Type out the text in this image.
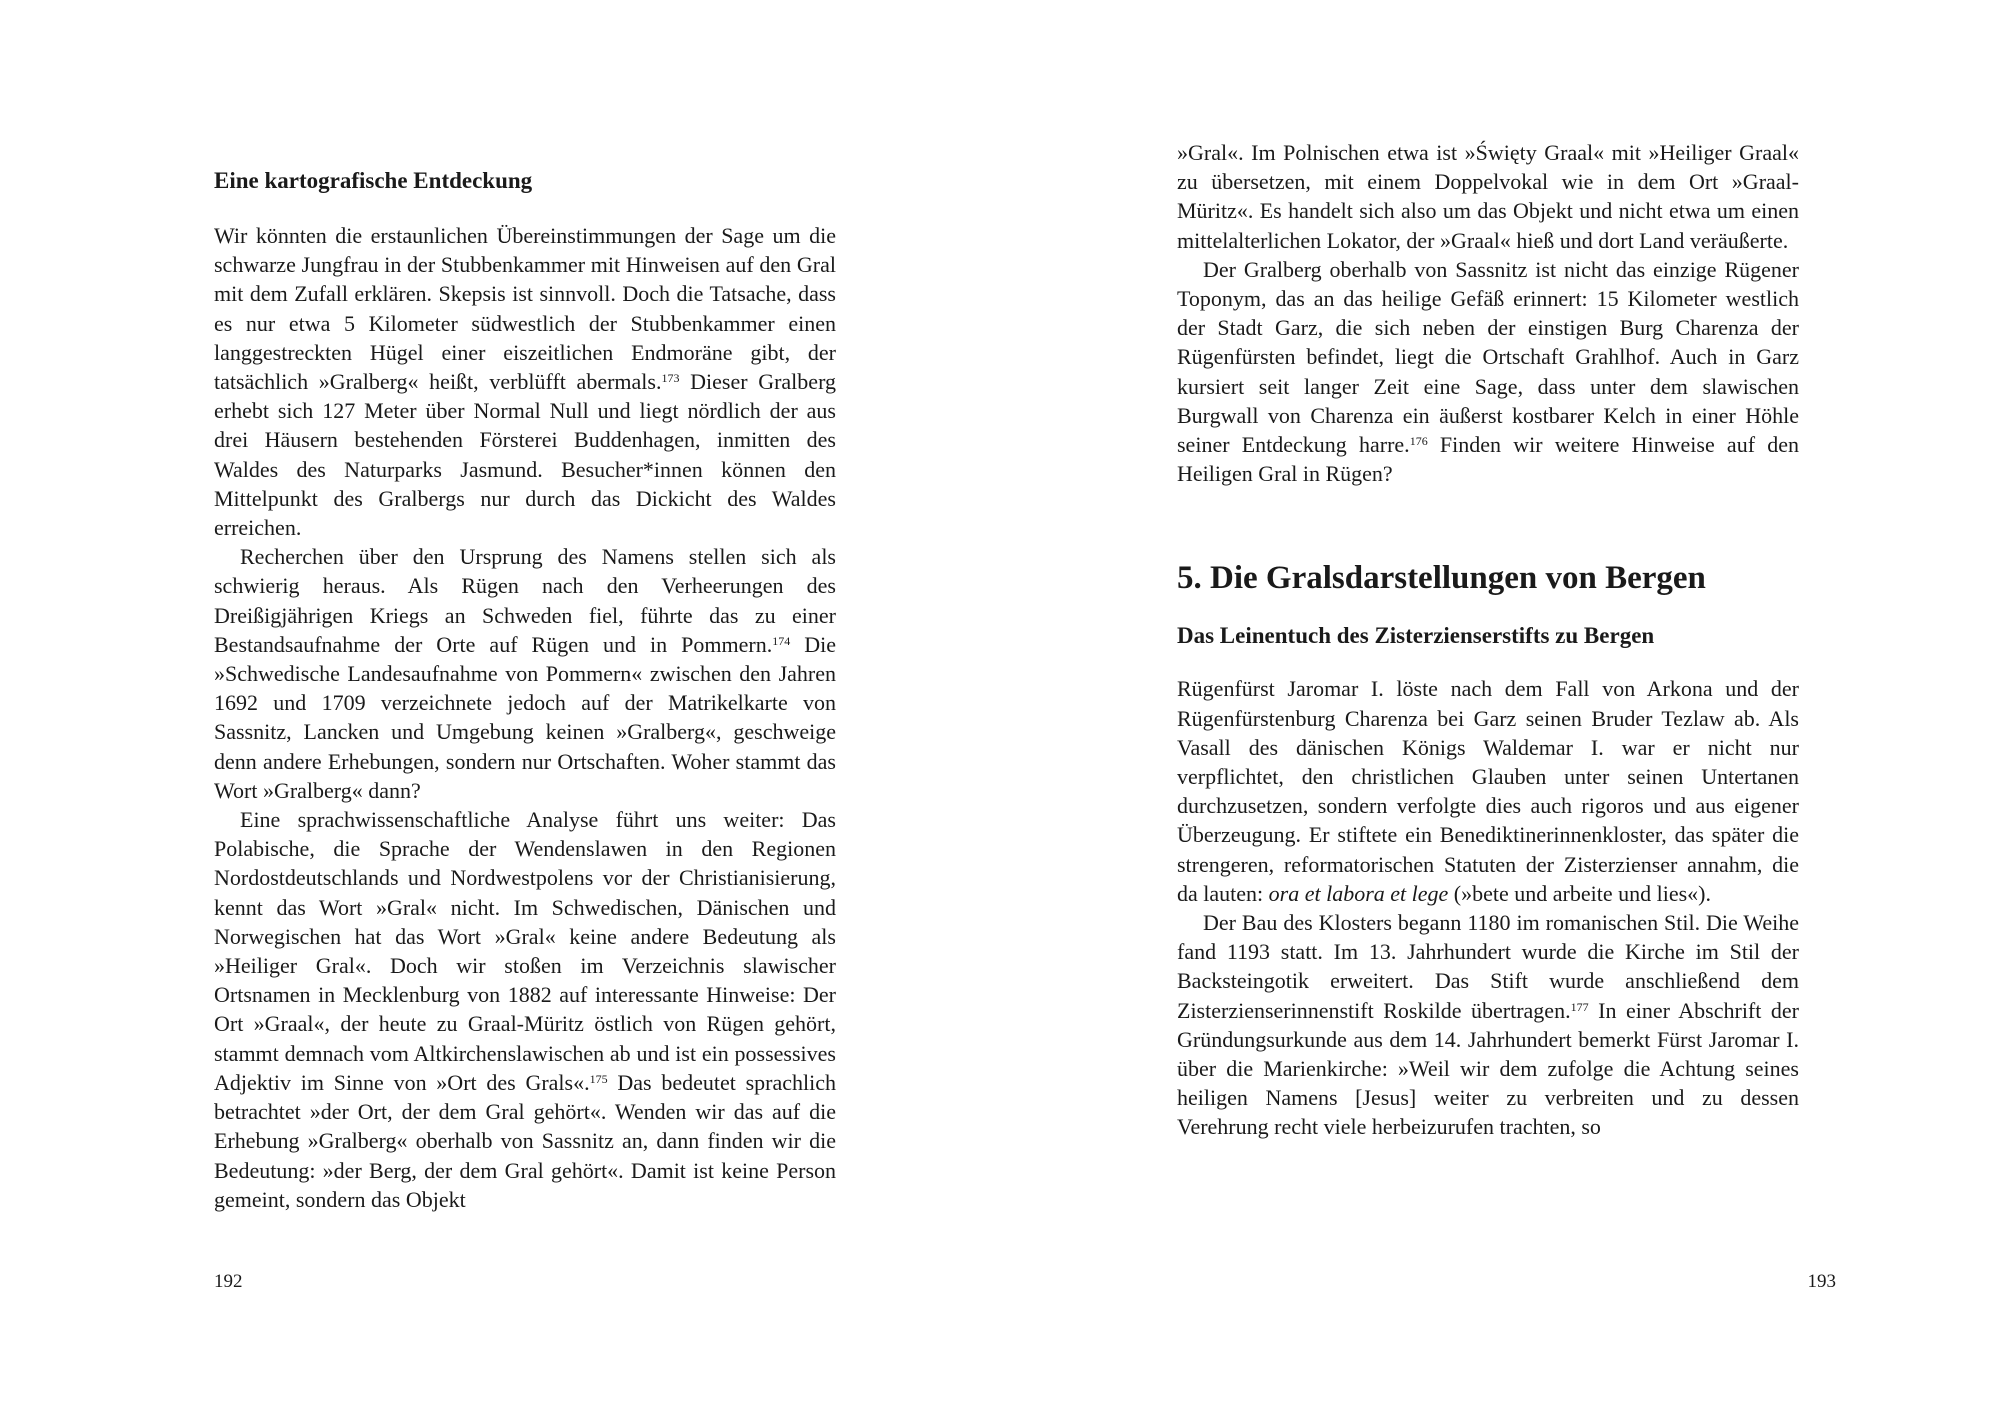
Eine kartografische Entdeckung

Wir könnten die erstaunlichen Übereinstimmungen der Sage um die schwarze Jungfrau in der Stubbenkammer mit Hinweisen auf den Gral mit dem Zufall erklären. Skepsis ist sinnvoll. Doch die Tatsache, dass es nur etwa 5 Kilometer südwestlich der Stubbenkammer einen langgestreckten Hügel einer eiszeitlichen Endmoräne gibt, der tatsächlich »Gralberg« heißt, verblüfft abermals.$^{173}$ Dieser Gralberg erhebt sich 127 Meter über Normal Null und liegt nördlich der aus drei Häusern bestehenden Försterei Buddenhagen, inmitten des Waldes des Naturparks Jasmund. Besucher*innen können den Mittelpunkt des Gralbergs nur durch das Dickicht des Waldes erreichen.

Recherchen über den Ursprung des Namens stellen sich als schwierig heraus. Als Rügen nach den Verheerungen des Dreißigjährigen Kriegs an Schweden fiel, führte das zu einer Bestandsaufnahme der Orte auf Rügen und in Pommern.$^{174}$ Die »Schwedische Landesaufnahme von Pommern« zwischen den Jahren 1692 und 1709 verzeichnete jedoch auf der Matrikelkarte von Sassnitz, Lancken und Umgebung keinen »Gralberg«, geschweige denn andere Erhebungen, sondern nur Ortschaften. Woher stammt das Wort »Gralberg« dann?

Eine sprachwissenschaftliche Analyse führt uns weiter: Das Polabische, die Sprache der Wendenslawen in den Regionen Nordostdeutschlands und Nordwestpolens vor der Christianisierung, kennt das Wort »Gral« nicht. Im Schwedischen, Dänischen und Norwegischen hat das Wort »Gral« keine andere Bedeutung als »Heiliger Gral«. Doch wir stoßen im Verzeichnis slawischer Ortsnamen in Mecklenburg von 1882 auf interessante Hinweise: Der Ort »Graal«, der heute zu Graal-Müritz östlich von Rügen gehört, stammt demnach vom Altkirchenslawischen ab und ist ein possessives Adjektiv im Sinne von »Ort des Grals«.$^{175}$ Das bedeutet sprachlich betrachtet »der Ort, der dem Gral gehört«. Wenden wir das auf die Erhebung »Gralberg« oberhalb von Sassnitz an, dann finden wir die Bedeutung: »der Berg, der dem Gral gehört«. Damit ist keine Person gemeint, sondern das Objekt

192

»Gral«. Im Polnischen etwa ist »Święty Graal« mit »Heiliger Graal« zu übersetzen, mit einem Doppelvokal wie in dem Ort »Graal-Müritz«. Es handelt sich also um das Objekt und nicht etwa um einen mittelalterlichen Lokator, der »Graal« hieß und dort Land veräußerte.

Der Gralberg oberhalb von Sassnitz ist nicht das einzige Rügener Toponym, das an das heilige Gefäß erinnert: 15 Kilometer westlich der Stadt Garz, die sich neben der einstigen Burg Charenza der Rügenfürsten befindet, liegt die Ortschaft Grahlhof. Auch in Garz kursiert seit langer Zeit eine Sage, dass unter dem slawischen Burgwall von Charenza ein äußerst kostbarer Kelch in einer Höhle seiner Entdeckung harre.$^{176}$ Finden wir weitere Hinweise auf den Heiligen Gral in Rügen?

5. Die Gralsdarstellungen von Bergen
Das Leinentuch des Zisterzienserstifts zu Bergen

Rügenfürst Jaromar I. löste nach dem Fall von Arkona und der Rügenfürstenburg Charenza bei Garz seinen Bruder Tezlaw ab. Als Vasall des dänischen Königs Waldemar I. war er nicht nur verpflichtet, den christlichen Glauben unter seinen Untertanen durchzusetzen, sondern verfolgte dies auch rigoros und aus eigener Überzeugung. Er stiftete ein Benediktinerinnenkloster, das später die strengeren, reformatorischen Statuten der Zisterzienser annahm, die da lauten: ora et labora et lege (»bete und arbeite und lies«).

Der Bau des Klosters begann 1180 im romanischen Stil. Die Weihe fand 1193 statt. Im 13. Jahrhundert wurde die Kirche im Stil der Backsteingotik erweitert. Das Stift wurde anschließend dem Zisterzienserinnenstift Roskilde übertragen.$^{177}$ In einer Abschrift der Gründungsurkunde aus dem 14. Jahrhundert bemerkt Fürst Jaromar I. über die Marienkirche: »Weil wir dem zufolge die Achtung seines heiligen Namens [Jesus] weiter zu verbreiten und zu dessen Verehrung recht viele herbeizurufen trachten, so

193
